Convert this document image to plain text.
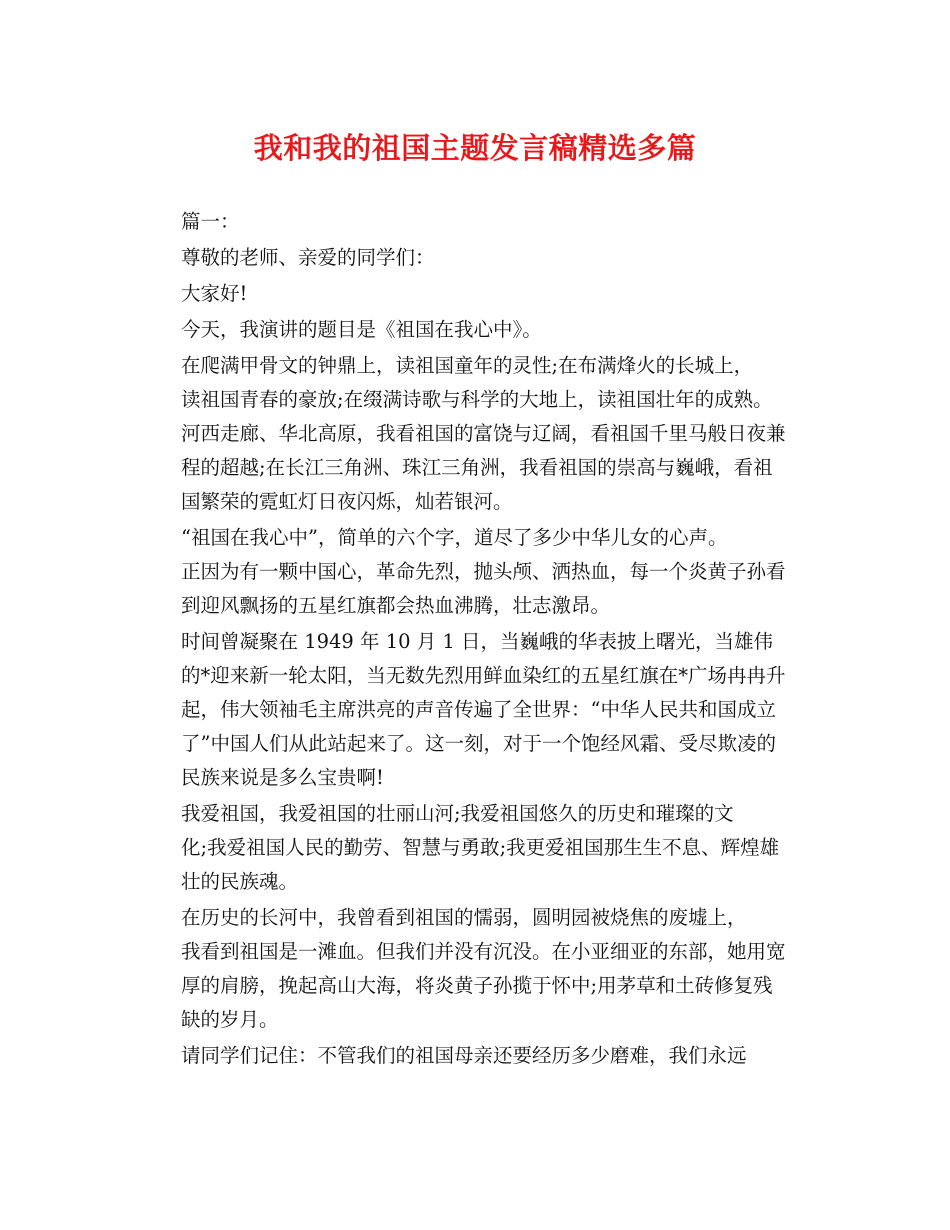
我和我的祖国主题发言稿精选多篇

篇一：

尊敬的老师、亲爱的同学们：

大家好!

今天，我演讲的题目是《祖国在我心中》。

在爬满甲骨文的钟鼎上，读祖国童年的灵性;在布满烽火的长城上，
读祖国青春的豪放;在缀满诗歌与科学的大地上，读祖国壮年的成熟。
河西走廊、华北高原，我看祖国的富饶与辽阔，看祖国千里马般日夜兼
程的超越;在长江三角洲、珠江三角洲，我看祖国的崇高与巍峨，看祖
国繁荣的霓虹灯日夜闪烁，灿若银河。

“祖国在我心中”，简单的六个字，道尽了多少中华儿女的心声。
正因为有一颗中国心，革命先烈，抛头颅、洒热血，每一个炎黄子孙看
到迎风飘扬的五星红旗都会热血沸腾，壮志激昂。

时间曾凝聚在 1949 年 10 月 1 日，当巍峨的华表披上曙光，当雄伟
的*迎来新一轮太阳，当无数先烈用鲜血染红的五星红旗在*广场冉冉升
起，伟大领袖毛主席洪亮的声音传遍了全世界：“中华人民共和国成立
了”中国人们从此站起来了。这一刻，对于一个饱经风霜、受尽欺凌的
民族来说是多么宝贵啊!

我爱祖国，我爱祖国的壮丽山河;我爱祖国悠久的历史和璀璨的文
化;我爱祖国人民的勤劳、智慧与勇敢;我更爱祖国那生生不息、辉煌雄
壮的民族魂。

在历史的长河中，我曾看到祖国的懦弱，圆明园被烧焦的废墟上，
我看到祖国是一滩血。但我们并没有沉没。在小亚细亚的东部，她用宽
厚的肩膀，挽起高山大海，将炎黄子孙揽于怀中;用茅草和土砖修复残
缺的岁月。

请同学们记住：不管我们的祖国母亲还要经历多少磨难，我们永远
